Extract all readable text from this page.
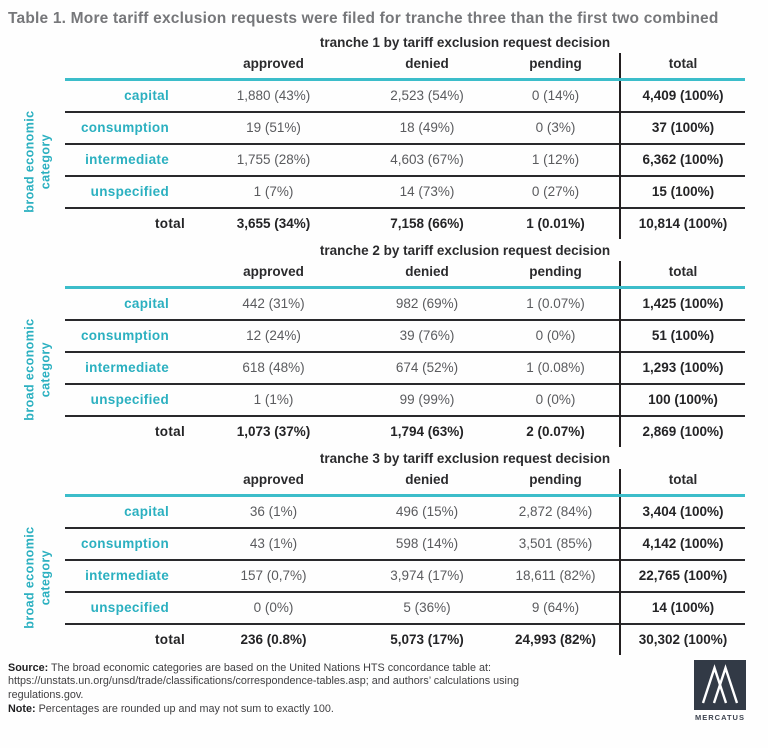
Table 1. More tariff exclusion requests were filed for tranche three than the first two combined
tranche 1 by tariff exclusion request decision
broad economic category
	approved	denied	pending	total
capital	1,880 (43%)	2,523 (54%)	0 (14%)	4,409 (100%)
consumption	19 (51%)	18 (49%)	0 (3%)	37 (100%)
intermediate	1,755 (28%)	4,603 (67%)	1 (12%)	6,362 (100%)
unspecified	1 (7%)	14 (73%)	0 (27%)	15 (100%)
total	3,655 (34%)	7,158 (66%)	1 (0.01%)	10,814 (100%)
tranche 2 by tariff exclusion request decision
broad economic category
	approved	denied	pending	total
capital	442 (31%)	982 (69%)	1 (0.07%)	1,425 (100%)
consumption	12 (24%)	39 (76%)	0 (0%)	51 (100%)
intermediate	618 (48%)	674 (52%)	1 (0.08%)	1,293 (100%)
unspecified	1 (1%)	99 (99%)	0 (0%)	100 (100%)
total	1,073 (37%)	1,794 (63%)	2 (0.07%)	2,869 (100%)
tranche 3 by tariff exclusion request decision
broad economic category
	approved	denied	pending	total
capital	36 (1%)	496 (15%)	2,872 (84%)	3,404 (100%)
consumption	43 (1%)	598 (14%)	3,501 (85%)	4,142 (100%)
intermediate	157 (0,7%)	3,974 (17%)	18,611 (82%)	22,765 (100%)
unspecified	0 (0%)	5 (36%)	9 (64%)	14 (100%)
total	236 (0.8%)	5,073 (17%)	24,993 (82%)	30,302 (100%)

Source: The broad economic categories are based on the United Nations HTS concordance table at:

https://unstats.un.org/unsd/trade/classifications/correspondence-tables.asp; and authors’ calculations using

regulations.gov.

Note: Percentages are rounded up and may not sum to exactly 100.

MERCATUS
